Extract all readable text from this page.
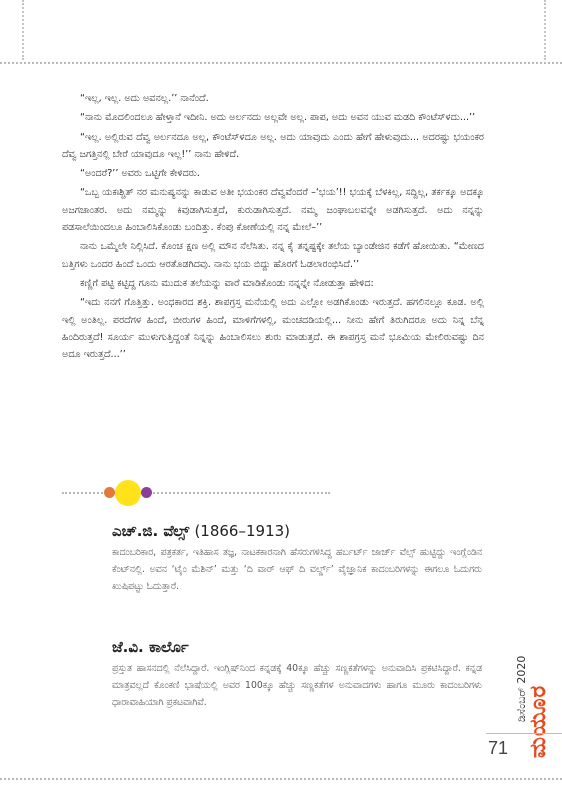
“ಇಲ್ಲ, ಇಲ್ಲ. ಅದು ಅವನಲ್ಲ.’’ ನಾನೆಂದೆ.

“ನಾನು ಮೊದಲಿಂದಲೂ ಹೇಳ್ತಾನೆ ಇದೀನಿ. ಅದು ಅರ್ಲನದು ಅಲ್ಲವೇ ಅಲ್ಲ. ಪಾಪ, ಅದು ಅವನ ಯುವ ಮಡದಿ ಕೌಂಟೆಸ್‌ಳದು...’’

“ಇಲ್ಲ. ಅಲ್ಲಿರುವ ದೆವ್ವ ಅರ್ಲನದೂ ಅಲ್ಲ, ಕೌಂಟೆಸ್‌ಳದೂ ಅಲ್ಲ. ಅದು ಯಾವುದು ಎಂದು ಹೇಗೆ ಹೇಳುವುದು... ಅದರಷ್ಟು ಭಯಂಕರ ದೆವ್ವ ಜಗತ್ತಿನಲ್ಲಿ ಬೇರೆ ಯಾವುದೂ ಇಲ್ಲ!’’ ನಾನು ಹೇಳಿದೆ.

“ಅಂದರೆ?’’ ಅವರು ಒಟ್ಟಿಗೇ ಕೇಳಿದರು.

“ಒಬ್ಬ ಯಕಃಶ್ಚಿತ್ ನರ ಮನುಷ್ಯನನ್ನು ಕಾಡುವ ಅತೀ ಭಯಂಕರ ದೆವ್ವವೆಂದರೆ –‘ಭಯ’!! ಭಯಕ್ಕೆ ಬೆಳಕಿಲ್ಲ, ಸದ್ದಿಲ್ಲ, ತರ್ಕಕ್ಕೂ ಅದಕ್ಕೂ ಅಜಗಜಾಂತರ. ಅದು ನಮ್ಮನ್ನು ಕಿವುಡಾಗಿಸುತ್ತದೆ, ಕುರುಡಾಗಿಸುತ್ತದೆ. ನಮ್ಮ ಜಂಘಾಬಲವನ್ನೇ ಅಡಗಿಸುತ್ತದೆ. ಅದು ನನ್ನನ್ನು ಪಡಸಾಲೆಯಿಂದಲೂ ಹಿಂಬಾಲಿಸಿಕೊಂಡು ಬಂದಿತ್ತು. ಕೆಂಪು ಕೋಣೆಯಲ್ಲಿ ನನ್ನ ಮೇಲೆ–’’

ನಾನು ಒಮ್ಮೆಲೇ ನಿಲ್ಲಿಸಿದೆ. ಕೊಂಚ ಕ್ಷಣ ಅಲ್ಲಿ ಮೌನ ನೆಲೆಸಿತು. ನನ್ನ ಕೈ ತನ್ನಷ್ಟಕ್ಕೇ ತಲೆಯ ಬ್ಯಾಂಡೇಜಿನ ಕಡೆಗೆ ಹೋಯಿತು. “ಮೇಣದ ಬತ್ತಿಗಳು ಒಂದರ ಹಿಂದೆ ಒಂದು ಆರತೊಡಗಿದವು. ನಾನು ಭಯ ಬಿದ್ದು ಹೊರಗೆ ಓಡಲಾರಂಭಿಸಿದೆ.’’

ಕಣ್ಣಿಗೆ ಪಟ್ಟಿ ಕಟ್ಟಿದ್ದ ಗೂನು ಮುದುಕ ತಲೆಯನ್ನು ವಾರೆ ಮಾಡಿಕೊಂಡು ನನ್ನನ್ನೇ ನೋಡುತ್ತಾ ಹೇಳಿದ:

“ಇದು ನನಗೆ ಗೊತ್ತಿತ್ತು. ಅಂಧಕಾರದ ಶಕ್ತಿ. ಶಾಪಗ್ರಸ್ತ ಮನೆಯಲ್ಲಿ ಅದು ಎಲ್ಲೋ ಅಡಗಿಕೊಂಡು ಇರುತ್ತದೆ. ಹಗಲಿನಲ್ಲೂ ಕೂಡ. ಅಲ್ಲಿ ಇಲ್ಲಿ ಅಂತಿಲ್ಲ. ಪರದೆಗಳ ಹಿಂದೆ, ಬೀರುಗಳ ಹಿಂದೆ, ಮಾಳಿಗೆಗಳಲ್ಲಿ, ಮಂಚದಡಿಯಲ್ಲಿ... ನೀನು ಹೇಗೆ ತಿರುಗಿದರೂ ಅದು ನಿನ್ನ ಬೆನ್ನ ಹಿಂದಿರುತ್ತದೆ! ಸೂರ್ಯ ಮುಳುಗುತ್ತಿದ್ದಂತೆ ನಿನ್ನನ್ನು ಹಿಂಬಾಲಿಸಲು ಶುರು ಮಾಡುತ್ತದೆ. ಈ ಶಾಪಗ್ರಸ್ತ ಮನೆ ಭೂಮಿಯ ಮೇಲಿರುವಷ್ಟು ದಿನ ಅದೂ ಇರುತ್ತದೆ...’’

ಎಚ್‌.ಜಿ. ವೆಲ್ಸ್ (1866–1913)

ಕಾದಂಬರಿಕಾರ, ಪತ್ರಕರ್ತ, ಇತಿಹಾಸ ತಜ್ಞ, ನಾಟಕಕಾರನಾಗಿ ಹೆಸರುಗಳಿಸಿದ್ದ ಹರ್ಬರ್ಟ್ ಜಾರ್ಜ್ ವೆಲ್ಸ್ ಹುಟ್ಟಿದ್ದು ಇಂಗ್ಲೆಂಡಿನ ಕೆಂಟ್‌ನಲ್ಲಿ. ಅವನ ‘ಟೈಂ ಮೆಶಿನ್’ ಮತ್ತು ‘ದಿ ವಾರ್ ಆಫ್ ದಿ ವರ್ಲ್ಡ್’ ವೈಜ್ಞಾನಿಕ ಕಾದಂಬರಿಗಳನ್ನು ಈಗಲೂ ಓದುಗರು ಖುಷಿಪಟ್ಟು ಓದುತ್ತಾರೆ.

ಜೆ.ವಿ. ಕಾರ್ಲೊ

ಪ್ರಸ್ತುತ ಹಾಸನದಲ್ಲಿ ನೆಲೆಸಿದ್ದಾರೆ. ಇಂಗ್ಲಿಷ್‌ನಿಂದ ಕನ್ನಡಕ್ಕೆ 40ಕ್ಕೂ ಹೆಚ್ಚು ಸಣ್ಣಕತೆಗಳನ್ನು ಅನುವಾದಿಸಿ ಪ್ರಕಟಿಸಿದ್ದಾರೆ. ಕನ್ನಡ ಮಾತ್ರವಲ್ಲದೆ ಕೊಂಕಣಿ ಭಾಷೆಯಲ್ಲಿ ಅವರ 100ಕ್ಕೂ ಹೆಚ್ಚು ಸಣ್ಣಕತೆಗಳ ಅನುವಾದಗಳು ಹಾಗೂ ಮೂರು ಕಾದಂಬರಿಗಳು ಧಾರಾವಾಹಿಯಾಗಿ ಪ್ರಕಟವಾಗಿವೆ.	ಡಿಸೆಂಬರ್ 2020
ಮಯೂರ
71
